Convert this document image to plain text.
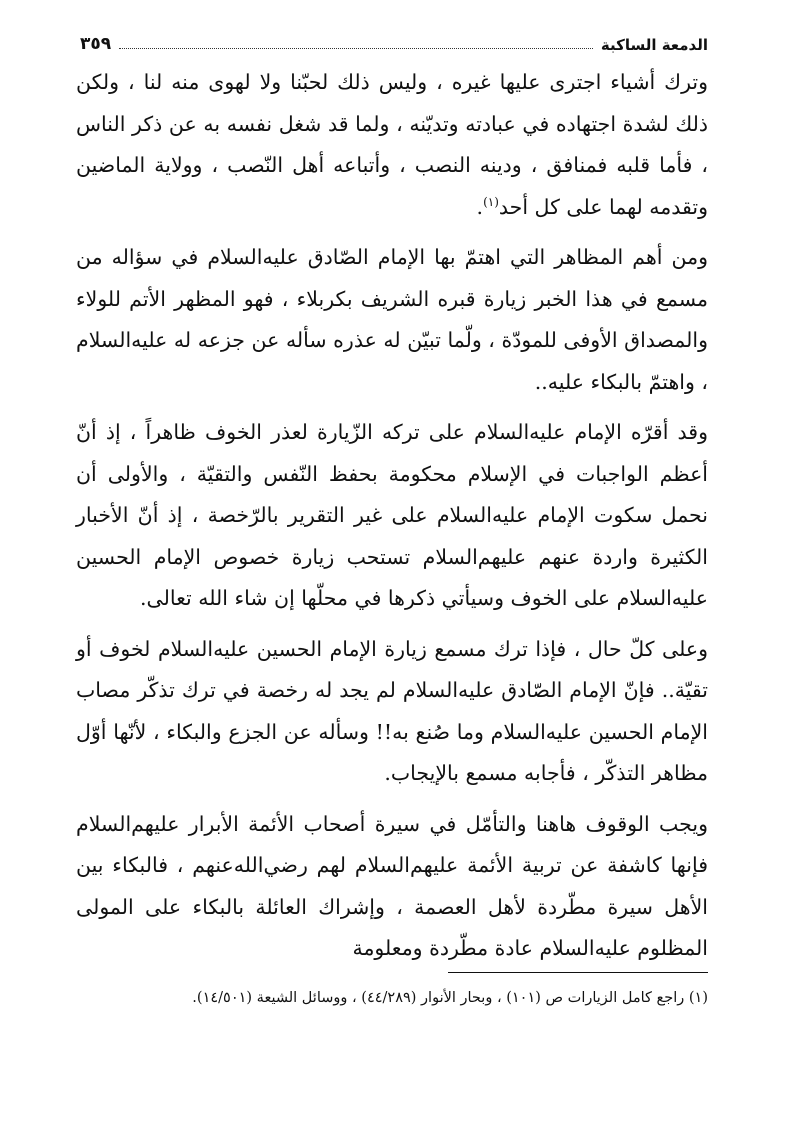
الدمعة الساكبة
٣٥٩

وترك أشياء اجترى عليها غيره ، وليس ذلك لحبّنا ولا لهوى منه لنا ، ولكن ذلك لشدة اجتهاده في عبادته وتديّنه ، ولما قد شغل نفسه به عن ذكر الناس ، فأما قلبه فمنافق ، ودينه النصب ، وأتباعه أهل النّصب ، وولاية الماضين وتقدمه لهما على كل أحد$^{(١)}$.

ومن أهم المظاهر التي اهتمّ بها الإمام الصّادق عليه‌السلام في سؤاله من مسمع في هذا الخبر زيارة قبره الشريف بكربلاء ، فهو المظهر الأتم للولاء والمصداق الأوفى للمودّة ، ولّما تبيّن له عذره سأله عن جزعه له عليه‌السلام ، واهتمّ بالبكاء عليه..

وقد أقرّه الإمام عليه‌السلام على تركه الزّيارة لعذر الخوف ظاهراً ، إذ أنّ أعظم الواجبات في الإسلام محكومة بحفظ النّفس والتقيّة ، والأولى أن نحمل سكوت الإمام عليه‌السلام على غير التقرير بالرّخصة ، إذ أنّ الأخبار الكثيرة واردة عنهم عليهم‌السلام تستحب زيارة خصوص الإمام الحسين عليه‌السلام على الخوف وسيأتي ذكرها في محلّها إن شاء الله تعالى.

وعلى كلّ حال ، فإذا ترك مسمع زيارة الإمام الحسين عليه‌السلام لخوف أو تقيّة.. فإنّ الإمام الصّادق عليه‌السلام لم يجد له رخصة في ترك تذكّر مصاب الإمام الحسين عليه‌السلام وما صُنع به!! وسأله عن الجزع والبكاء ، لأنّها أوّل مظاهر التذكّر ، فأجابه مسمع بالإيجاب.

ويجب الوقوف هاهنا والتأمّل في سيرة أصحاب الأئمة الأبرار عليهم‌السلام فإنها كاشفة عن تربية الأئمة عليهم‌السلام لهم رضي‌الله‌عنهم ، فالبكاء بين الأهل سيرة مطّردة لأهل العصمة ، وإشراك العائلة بالبكاء على المولى المظلوم عليه‌السلام عادة مطّردة ومعلومة

(١) راجع كامل الزيارات ص (١٠١) ، وبحار الأنوار (٤٤/٢٨٩) ، ووسائل الشيعة (١٤/٥٠١).
